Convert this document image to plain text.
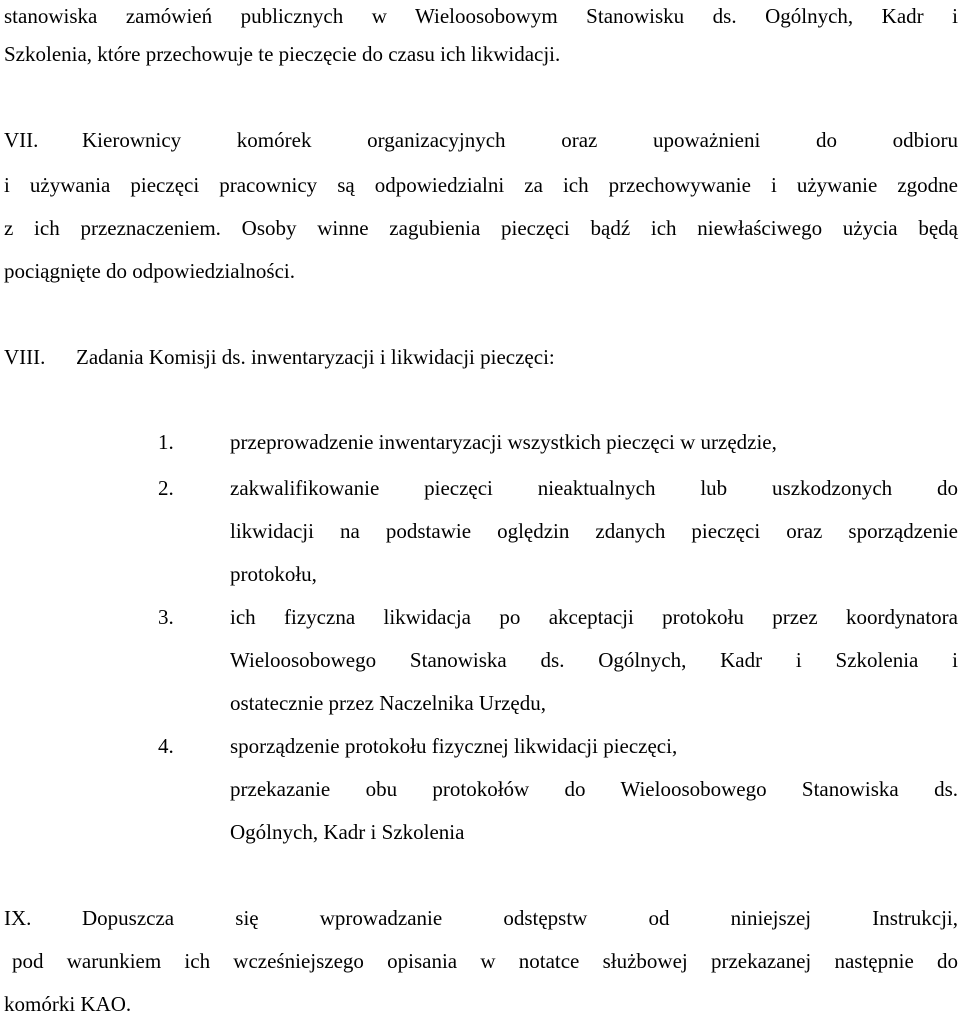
stanowiska zamówień publicznych w Wieloosobowym Stanowisku ds. Ogólnych, Kadr i
Szkolenia, które przechowuje te pieczęcie do czasu ich likwidacji.
VII. Kierownicy komórek organizacyjnych oraz upoważnieni do odbioru
i używania pieczęci pracownicy są odpowiedzialni za ich przechowywanie i używanie zgodne
z ich przeznaczeniem. Osoby winne zagubienia pieczęci bądź ich niewłaściwego użycia będą
pociągnięte do odpowiedzialności.
VIII. Zadania Komisji ds. inwentaryzacji i likwidacji pieczęci:
1.	przeprowadzenie inwentaryzacji wszystkich pieczęci w urzędzie,
2.	zakwalifikowanie pieczęci nieaktualnych lub uszkodzonych do
likwidacji na podstawie oględzin zdanych pieczęci oraz sporządzenie
protokołu,
3.	ich fizyczna likwidacja po akceptacji protokołu przez koordynatora
Wieloosobowego Stanowiska ds. Ogólnych, Kadr i Szkolenia i
ostatecznie przez Naczelnika Urzędu,
4.	sporządzenie protokołu fizycznej likwidacji pieczęci,
przekazanie obu protokołów do Wieloosobowego Stanowiska ds.
Ogólnych, Kadr i Szkolenia
IX. Dopuszcza się wprowadzanie odstępstw od niniejszej Instrukcji,
pod warunkiem ich wcześniejszego opisania w notatce służbowej przekazanej następnie do
komórki KAO.
